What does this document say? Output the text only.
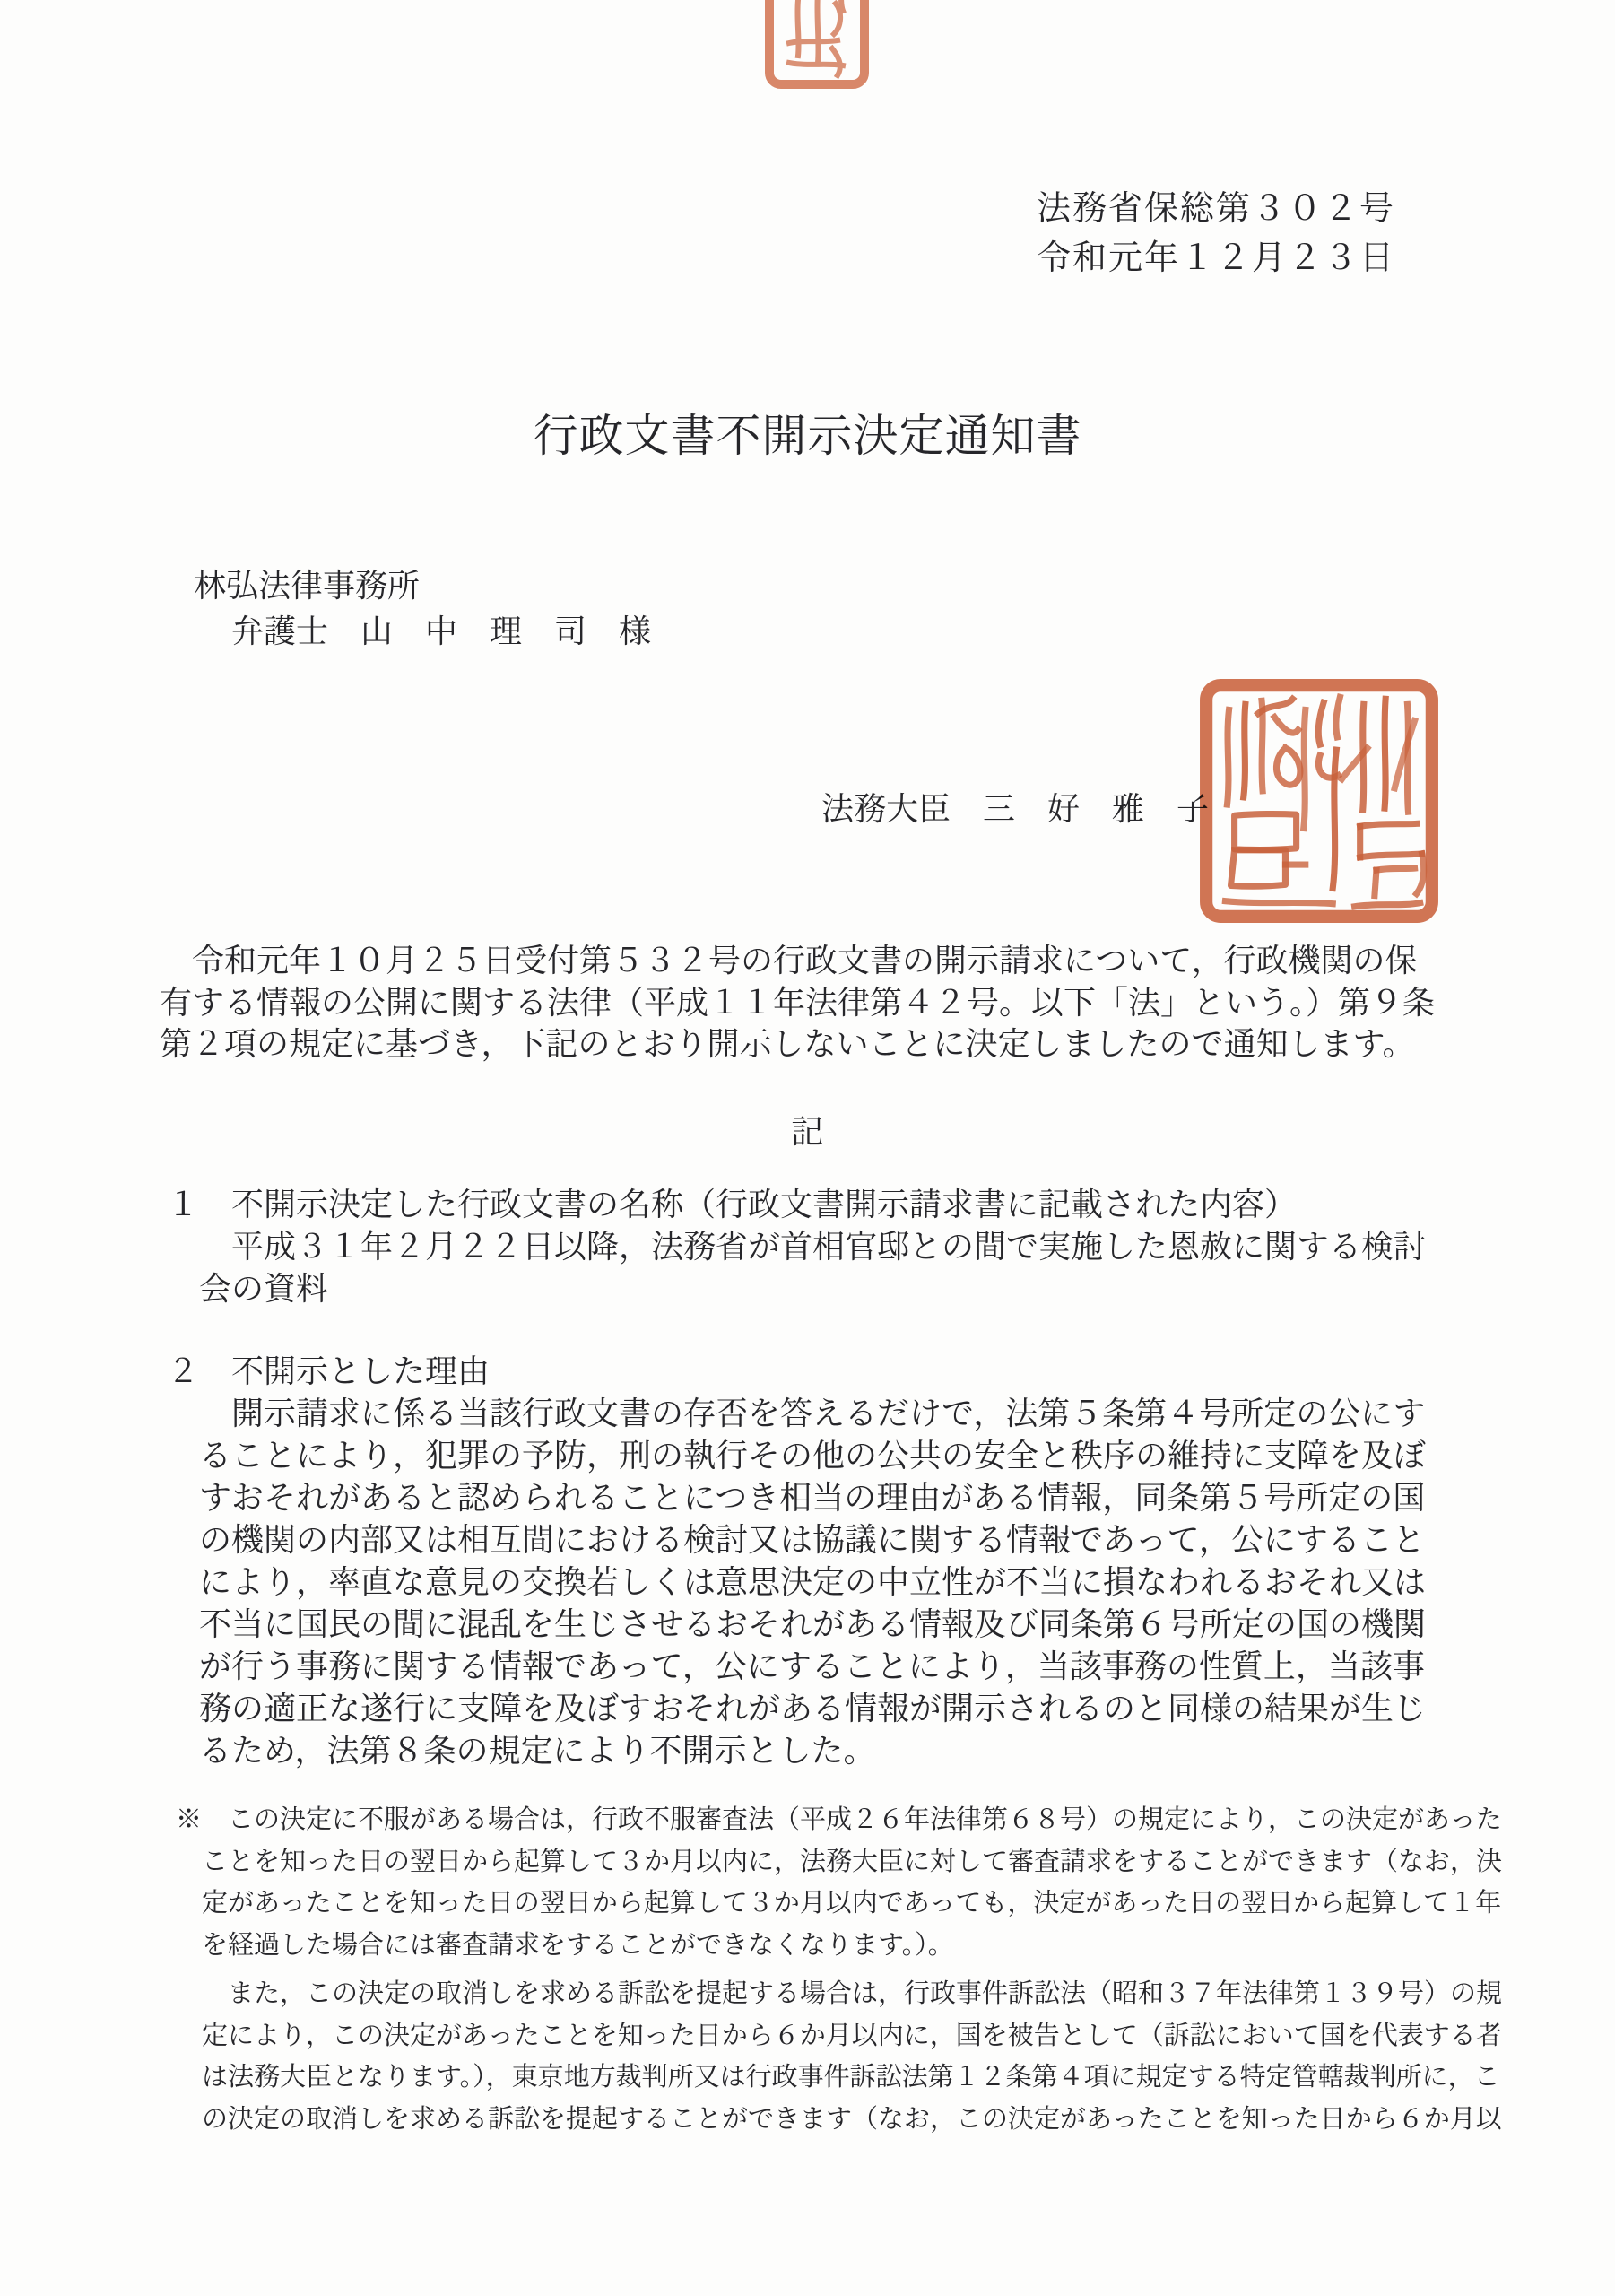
法務省保総第３０２号
令和元年１２月２３日
行政文書不開示決定通知書
林弘法律事務所
弁護士　山　中　理　司　様
法務大臣　三　好　雅　子
　令和元年１０月２５日受付第５３２号の行政文書の開示請求について，行政機関の保
有する情報の公開に関する法律（平成１１年法律第４２号。以下「法」という。）第９条
第２項の規定に基づき，下記のとおり開示しないことに決定しましたので通知します。
記
１　不開示決定した行政文書の名称（行政文書開示請求書に記載された内容）
　　平成３１年２月２２日以降，法務省が首相官邸との間で実施した恩赦に関する検討
　会の資料
２　不開示とした理由
　　開示請求に係る当該行政文書の存否を答えるだけで，法第５条第４号所定の公にす
　ることにより，犯罪の予防，刑の執行その他の公共の安全と秩序の維持に支障を及ぼ
　すおそれがあると認められることにつき相当の理由がある情報，同条第５号所定の国
　の機関の内部又は相互間における検討又は協議に関する情報であって，公にすること
　により，率直な意見の交換若しくは意思決定の中立性が不当に損なわれるおそれ又は
　不当に国民の間に混乱を生じさせるおそれがある情報及び同条第６号所定の国の機関
　が行う事務に関する情報であって，公にすることにより，当該事務の性質上，当該事
　務の適正な遂行に支障を及ぼすおそれがある情報が開示されるのと同様の結果が生じ
　るため，法第８条の規定により不開示とした。
※　この決定に不服がある場合は，行政不服審査法（平成２６年法律第６８号）の規定により，この決定があった
　ことを知った日の翌日から起算して３か月以内に，法務大臣に対して審査請求をすることができます（なお，決
　定があったことを知った日の翌日から起算して３か月以内であっても，決定があった日の翌日から起算して１年
　を経過した場合には審査請求をすることができなくなります。）。
　　また，この決定の取消しを求める訴訟を提起する場合は，行政事件訴訟法（昭和３７年法律第１３９号）の規
　定により，この決定があったことを知った日から６か月以内に，国を被告として（訴訟において国を代表する者
　は法務大臣となります。），東京地方裁判所又は行政事件訴訟法第１２条第４項に規定する特定管轄裁判所に，こ
　の決定の取消しを求める訴訟を提起することができます（なお，この決定があったことを知った日から６か月以
